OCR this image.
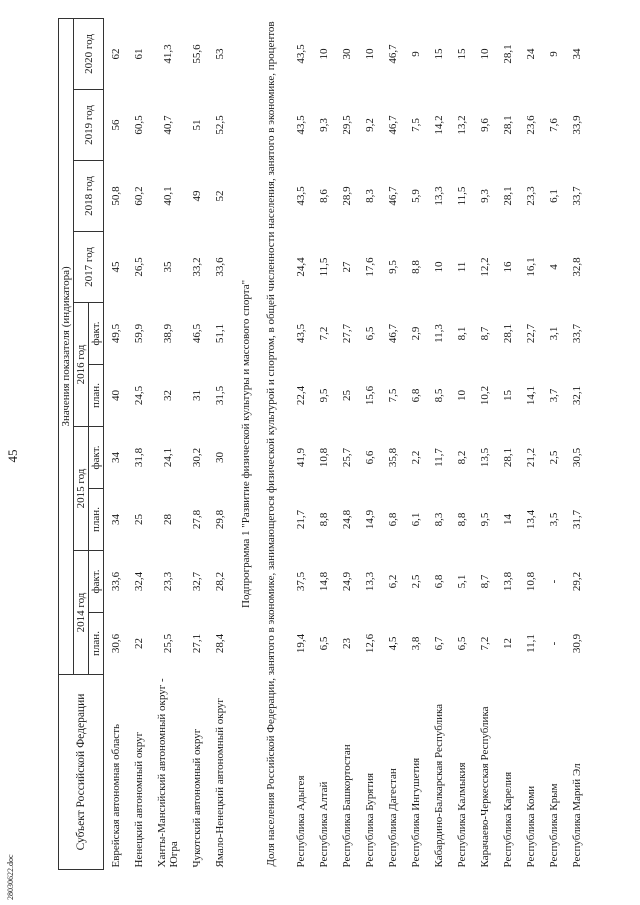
45
Субъект Российской Федерации	Значения показателя (индикатора)									
	2014 год		2015 год		2016 год		2017 год	2018 год	2019 год	2020 год
	план.	факт.	план.	факт.	план.	факт.				

Еврейская автономная область	30,6	33,6	34	34	40	49,5	45	50,8	56	62
Ненецкий автономный округ	22	32,4	25	31,8	24,5	59,9	26,5	60,2	60,5	61
Ханты-Мансийский автономный округ - Югра	25,5	23,3	28	24,1	32	38,9	35	40,1	40,7	41,3
Чукотский автономный округ	27,1	32,7	27,8	30,2	31	46,5	33,2	49	51	55,6
Ямало-Ненецкий автономный округ	28,4	28,2	29,8	30	31,5	51,1	33,6	52	52,5	53
Подпрограмма 1 "Развитие физической культуры и массового спорта"										
Доля населения Российской Федерации, занятого в экономике, занимающегося физической культурой и спортом, в общей численности населения, занятого в экономике, процентов										
Республика Адыгея	19,4	37,5	21,7	41,9	22,4	43,5	24,4	43,5	43,5	43,5
Республика Алтай	6,5	14,8	8,8	10,8	9,5	7,2	11,5	8,6	9,3	10
Республика Башкортостан	23	24,9	24,8	25,7	25	27,7	27	28,9	29,5	30
Республика Бурятия	12,6	13,3	14,9	6,6	15,6	6,5	17,6	8,3	9,2	10
Республика Дагестан	4,5	6,2	6,8	35,8	7,5	46,7	9,5	46,7	46,7	46,7
Республика Ингушетия	3,8	2,5	6,1	2,2	6,8	2,9	8,8	5,9	7,5	9
Кабардино-Балкарская Республика	6,7	6,8	8,3	11,7	8,5	11,3	10	13,3	14,2	15
Республика Калмыкия	6,5	5,1	8,8	8,2	10	8,1	11	11,5	13,2	15
Карачаево-Черкесская Республика	7,2	8,7	9,5	13,5	10,2	8,7	12,2	9,3	9,6	10
Республика Карелия	12	13,8	14	28,1	15	28,1	16	28,1	28,1	28,1
Республика Коми	11,1	10,8	13,4	21,2	14,1	22,7	16,1	23,3	23,6	24
Республика Крым	-	-	3,5	2,5	3,7	3,1	4	6,1	7,6	9
Республика Марий Эл	30,9	29,2	31,7	30,5	32,1	33,7	32,8	33,7	33,9	34
28030622.doc
